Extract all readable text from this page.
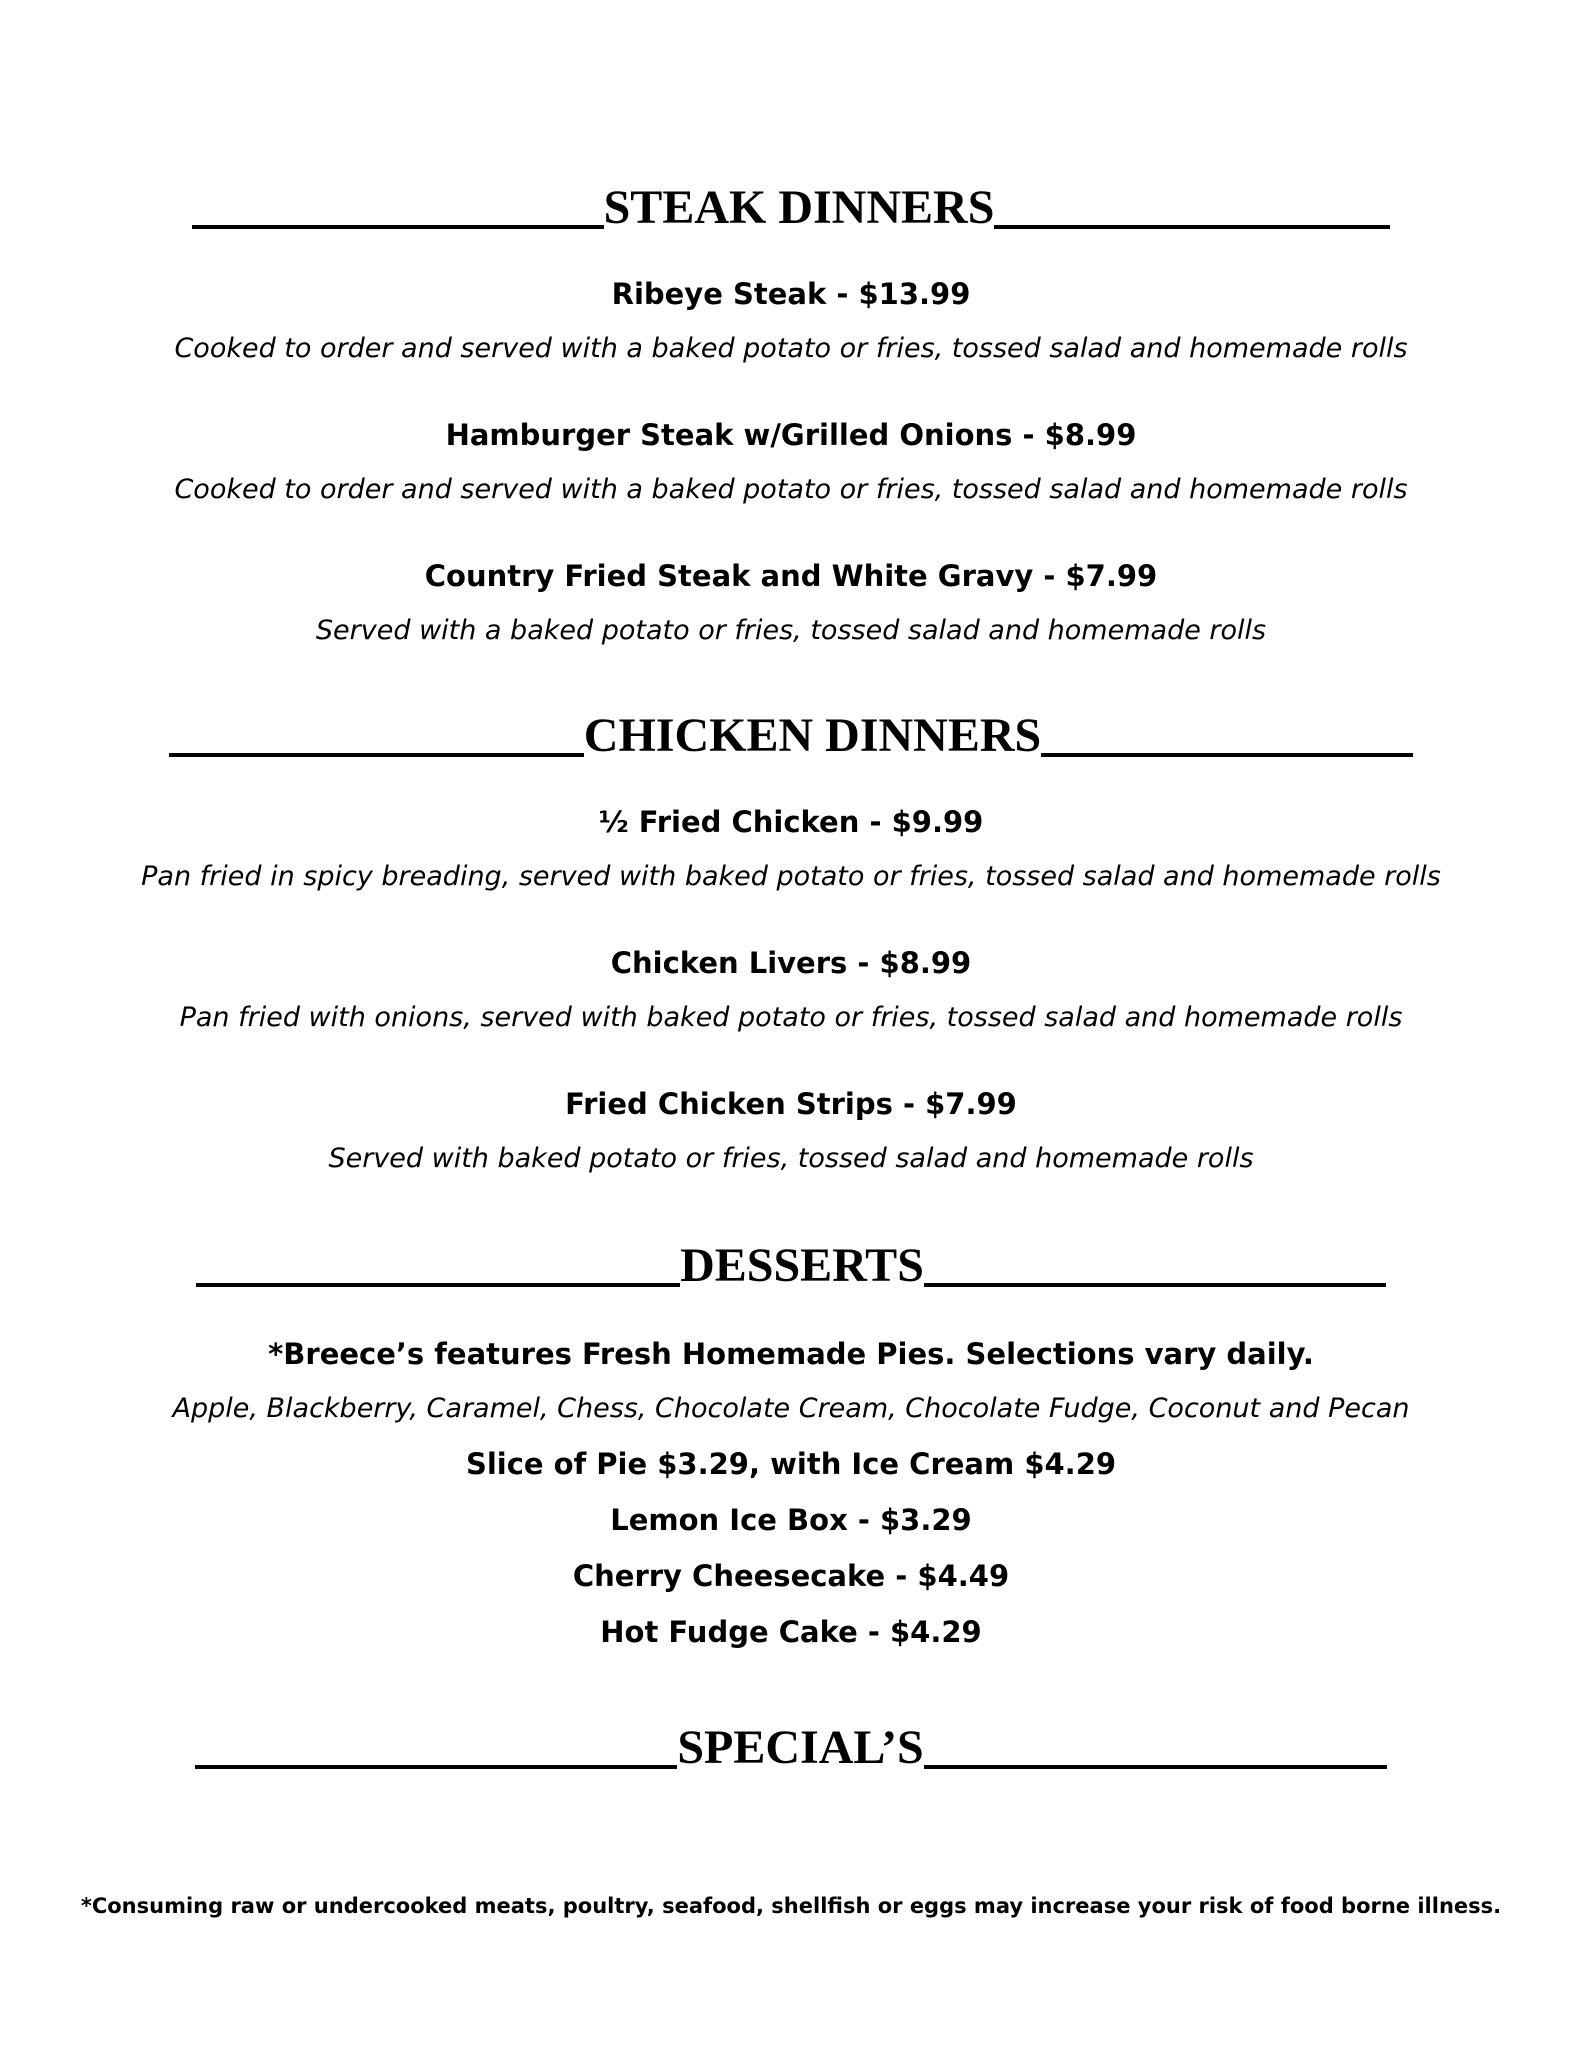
STEAK DINNERS
Ribeye Steak - $13.99
Cooked to order and served with a baked potato or fries, tossed salad and homemade rolls
Hamburger Steak w/Grilled Onions - $8.99
Cooked to order and served with a baked potato or fries, tossed salad and homemade rolls
Country Fried Steak and White Gravy - $7.99
Served with a baked potato or fries, tossed salad and homemade rolls
CHICKEN DINNERS
½ Fried Chicken - $9.99
Pan fried in spicy breading, served with baked potato or fries, tossed salad and homemade rolls
Chicken Livers - $8.99
Pan fried with onions, served with baked potato or fries, tossed salad and homemade rolls
Fried Chicken Strips - $7.99
Served with baked potato or fries, tossed salad and homemade rolls
DESSERTS
*Breece’s features Fresh Homemade Pies. Selections vary daily.
Apple, Blackberry, Caramel, Chess, Chocolate Cream, Chocolate Fudge, Coconut and Pecan
Slice of Pie $3.29, with Ice Cream $4.29
Lemon Ice Box - $3.29
Cherry Cheesecake - $4.49
Hot Fudge Cake - $4.29
SPECIAL’S
*Consuming raw or undercooked meats, poultry, seafood, shellfish or eggs may increase your risk of food borne illness.
